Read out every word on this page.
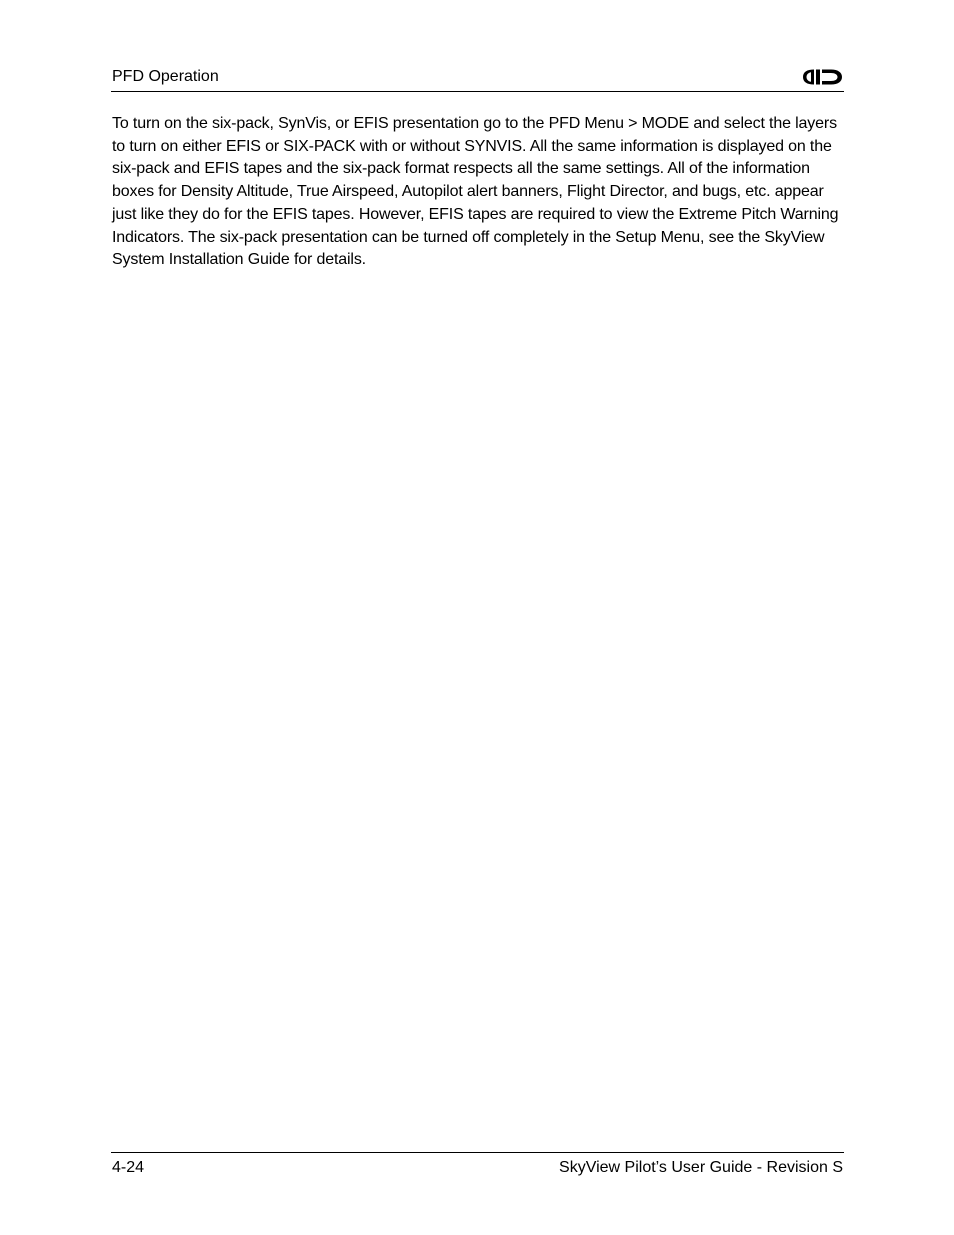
PFD Operation

To turn on the six-pack, SynVis, or EFIS presentation go to the PFD Menu > MODE and select the layers to turn on either EFIS or SIX-PACK with or without SYNVIS. All the same information is displayed on the six-pack and EFIS tapes and the six-pack format respects all the same settings. All of the information boxes for Density Altitude, True Airspeed, Autopilot alert banners, Flight Director, and bugs, etc. appear just like they do for the EFIS tapes. However, EFIS tapes are required to view the Extreme Pitch Warning Indicators. The six-pack presentation can be turned off completely in the Setup Menu, see the SkyView System Installation Guide for details.

4-24	SkyView Pilot’s User Guide - Revision S
